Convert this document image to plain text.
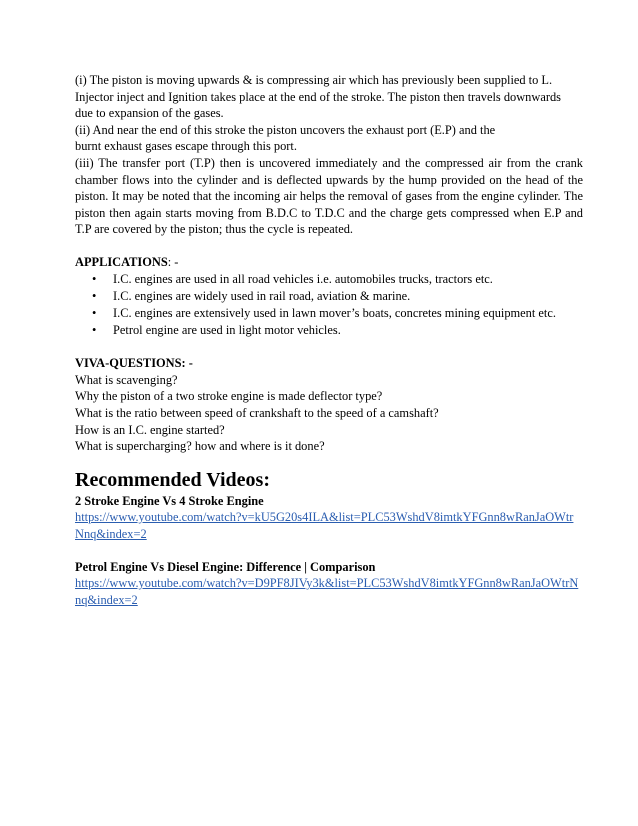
(i) The piston is moving upwards & is compressing air which has previously been supplied to L.

Injector inject and Ignition takes place at the end of the stroke. The piston then travels downwards

due to expansion of the gases.

(ii) And near the end of this stroke the piston uncovers the exhaust port (E.P) and the

burnt exhaust gases escape through this port.

(iii) The transfer port (T.P) then is uncovered immediately and the compressed air from the crank chamber flows into the cylinder and is deflected upwards by the hump provided on the head of the piston. It may be noted that the incoming air helps the removal of gases from the engine cylinder. The piston then again starts moving from B.D.C to T.D.C and the charge gets compressed when E.P and T.P are covered by the piston; thus the cycle is repeated.

APPLICATIONS: -

• I.C. engines are used in all road vehicles i.e. automobiles trucks, tractors etc.
• I.C. engines are widely used in rail road, aviation & marine.
• I.C. engines are extensively used in lawn mover’s boats, concretes mining equipment etc.
• Petrol engine are used in light motor vehicles.

VIVA-QUESTIONS: -

What is scavenging?

Why the piston of a two stroke engine is made deflector type?

What is the ratio between speed of crankshaft to the speed of a camshaft?

How is an I.C. engine started?

What is supercharging? how and where is it done?

Recommended Videos:

2 Stroke Engine Vs 4 Stroke Engine

https://www.youtube.com/watch?v=kU5G20s4ILA&list=PLC53WshdV8imtkYFGnn8wRanJaOWtrNnq&index=2

Petrol Engine Vs Diesel Engine: Difference | Comparison

https://www.youtube.com/watch?v=D9PF8JIVy3k&list=PLC53WshdV8imtkYFGnn8wRanJaOWtrNnq&index=2
